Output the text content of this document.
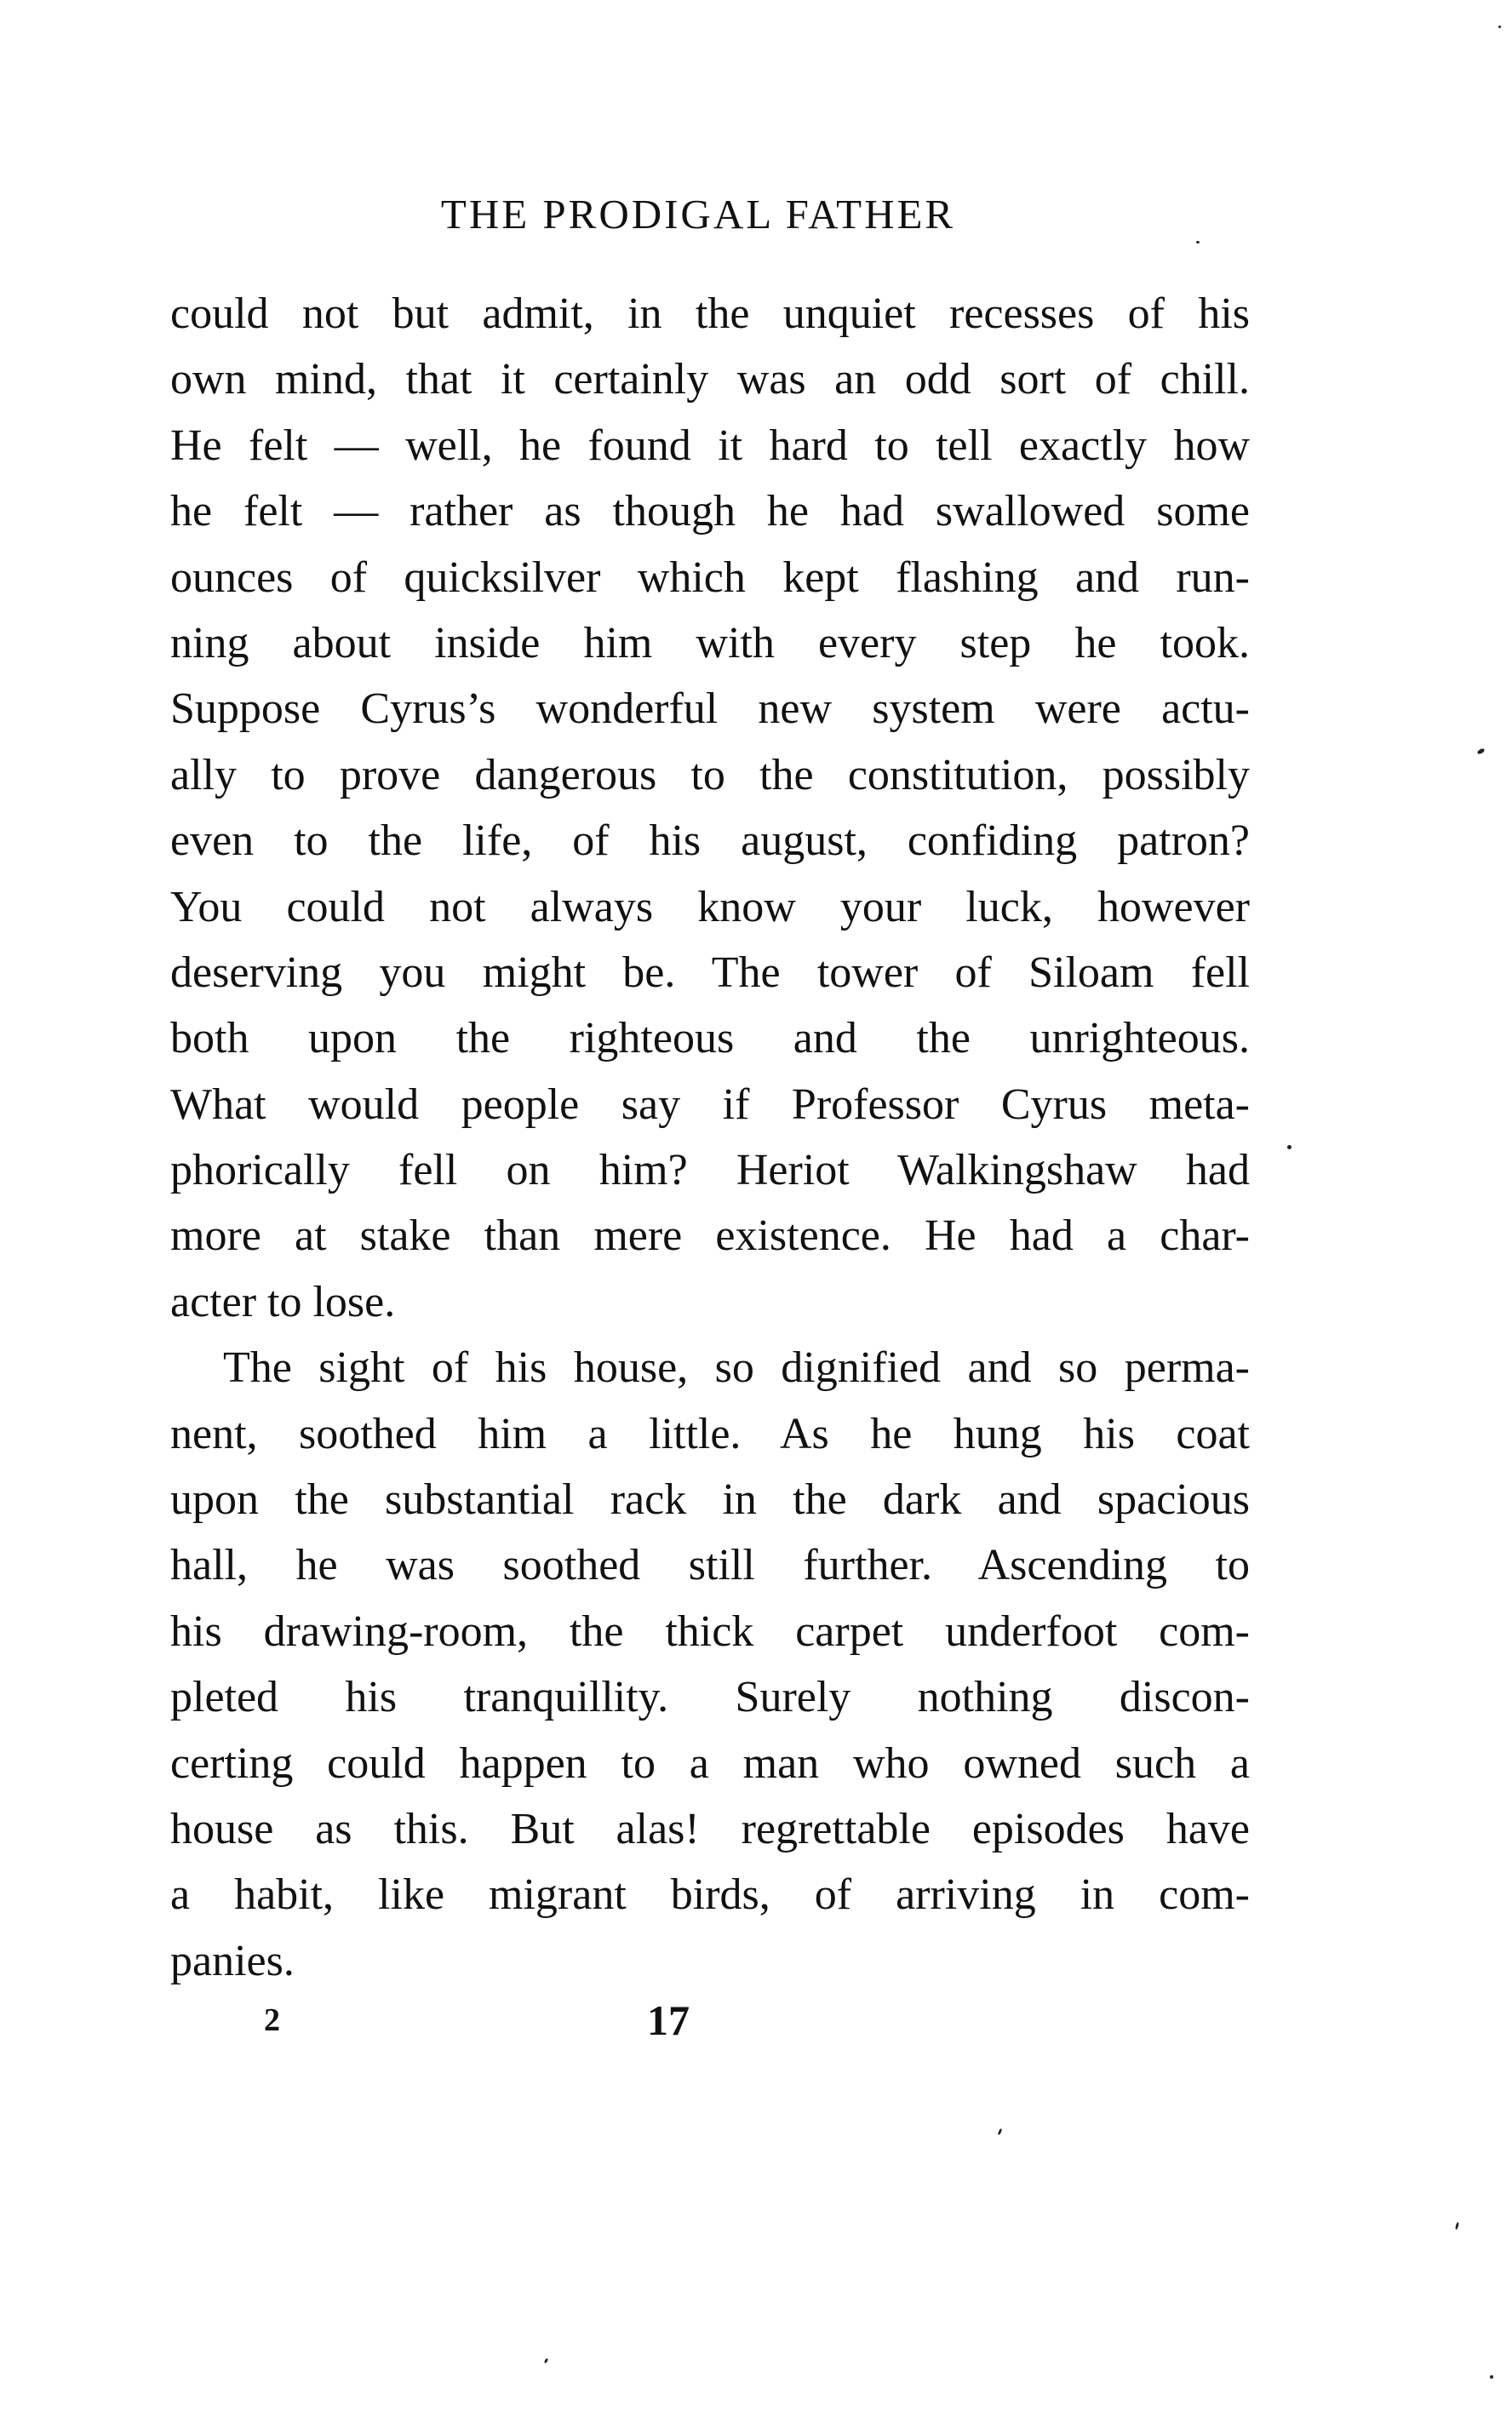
THE PRODIGAL FATHER
could not but admit, in the unquiet recesses of his
own mind, that it certainly was an odd sort of chill.
He felt — well, he found it hard to tell exactly how
he felt — rather as though he had swallowed some
ounces of quicksilver which kept flashing and run-
ning about inside him with every step he took.
Suppose Cyrus’s wonderful new system were actu-
ally to prove dangerous to the constitution, possibly
even to the life, of his august, confiding patron?
You could not always know your luck, however
deserving you might be. The tower of Siloam fell
both upon the righteous and the unrighteous.
What would people say if Professor Cyrus meta-
phorically fell on him? Heriot Walkingshaw had
more at stake than mere existence. He had a char-
acter to lose.
The sight of his house, so dignified and so perma-
nent, soothed him a little. As he hung his coat
upon the substantial rack in the dark and spacious
hall, he was soothed still further. Ascending to
his drawing-room, the thick carpet underfoot com-
pleted his tranquillity. Surely nothing discon-
certing could happen to a man who owned such a
house as this. But alas! regrettable episodes have
a habit, like migrant birds, of arriving in com-
panies.
2	17
